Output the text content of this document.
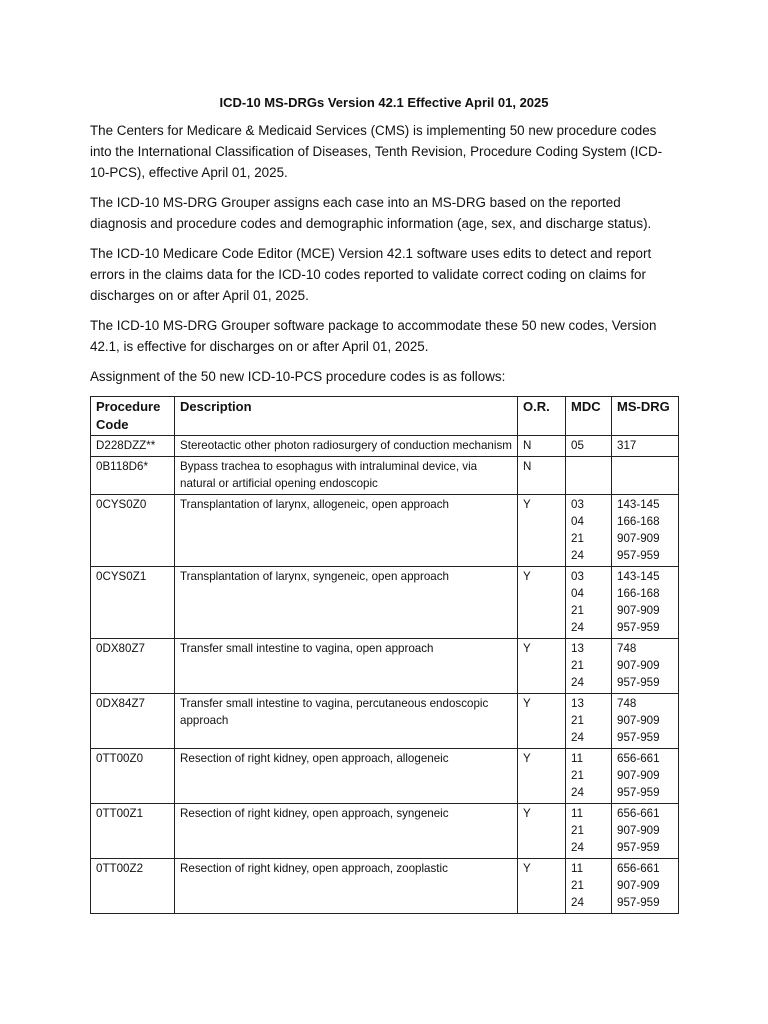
ICD-10 MS-DRGs Version 42.1 Effective April 01, 2025

The Centers for Medicare & Medicaid Services (CMS) is implementing 50 new procedure codes into the International Classification of Diseases, Tenth Revision, Procedure Coding System (ICD-10-PCS), effective April 01, 2025.

The ICD-10 MS-DRG Grouper assigns each case into an MS-DRG based on the reported diagnosis and procedure codes and demographic information (age, sex, and discharge status).

The ICD-10 Medicare Code Editor (MCE) Version 42.1 software uses edits to detect and report errors in the claims data for the ICD-10 codes reported to validate correct coding on claims for discharges on or after April 01, 2025.

The ICD-10 MS-DRG Grouper software package to accommodate these 50 new codes, Version 42.1, is effective for discharges on or after April 01, 2025.

Assignment of the 50 new ICD-10-PCS procedure codes is as follows:

Procedure Code	Description	O.R.	MDC	MS-DRG
D228DZZ**	Stereotactic other photon radiosurgery of conduction mechanism	N	05	317

0B118D6*	Bypass trachea to esophagus with intraluminal device, via natural or artificial opening endoscopic	N		
0CYS0Z0	Transplantation of larynx, allogeneic, open approach	Y	03
04
21
24	143-145
166-168
907-909
957-959

0CYS0Z1	Transplantation of larynx, syngeneic, open approach	Y	03
04
21
24	143-145
166-168
907-909
957-959

0DX80Z7	Transfer small intestine to vagina, open approach	Y	13
21
24	748
907-909
957-959

0DX84Z7	Transfer small intestine to vagina, percutaneous endoscopic approach	Y	13
21
24	748
907-909
957-959

0TT00Z0	Resection of right kidney, open approach, allogeneic	Y	11
21
24	656-661
907-909
957-959

0TT00Z1	Resection of right kidney, open approach, syngeneic	Y	11
21
24	656-661
907-909
957-959

0TT00Z2	Resection of right kidney, open approach, zooplastic	Y	11
21
24	656-661
907-909
957-959
